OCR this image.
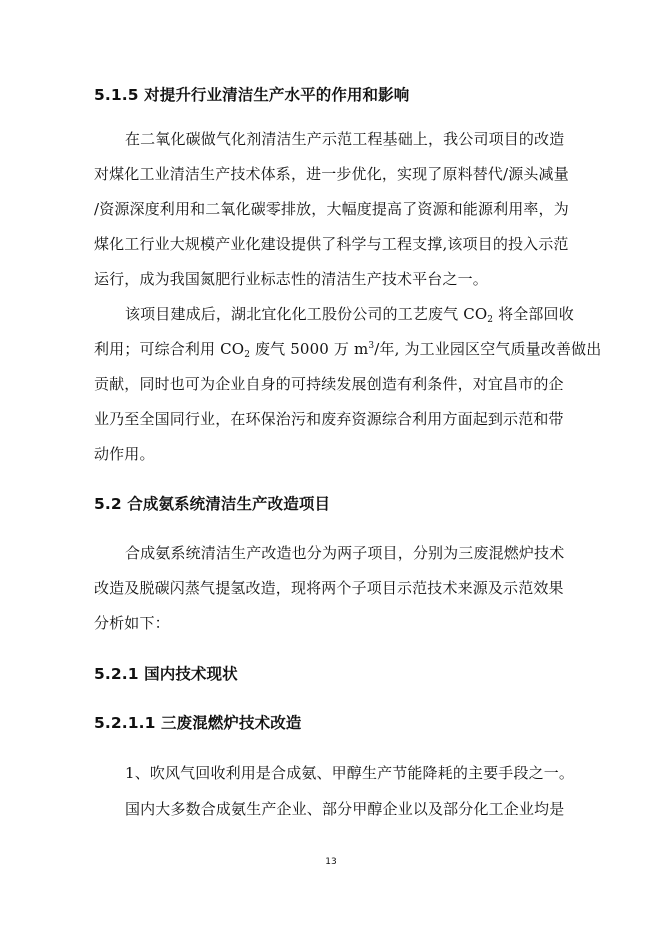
5.1.5 对提升行业清洁生产水平的作用和影响

在二氧化碳做气化剂清洁生产示范工程基础上，我公司项目的改造

对煤化工业清洁生产技术体系，进一步优化，实现了原料替代/源头减量

/资源深度利用和二氧化碳零排放，大幅度提高了资源和能源利用率，为

煤化工行业大规模产业化建设提供了科学与工程支撑,该项目的投入示范

运行，成为我国氮肥行业标志性的清洁生产技术平台之一。

该项目建成后，湖北宜化化工股份公司的工艺废气 $CO_2$ 将全部回收

利用；可综合利用 $CO_2$ 废气 5000 万 $m^3/$年, 为工业园区空气质量改善做出

贡献，同时也可为企业自身的可持续发展创造有利条件，对宜昌市的企

业乃至全国同行业，在环保治污和废弃资源综合利用方面起到示范和带

动作用。

5.2 合成氨系统清洁生产改造项目

合成氨系统清洁生产改造也分为两子项目，分别为三废混燃炉技术

改造及脱碳闪蒸气提氢改造，现将两个子项目示范技术来源及示范效果

分析如下：

5.2.1 国内技术现状
5.2.1.1 三废混燃炉技术改造

1、吹风气回收利用是合成氨、甲醇生产节能降耗的主要手段之一。

国内大多数合成氨生产企业、部分甲醇企业以及部分化工企业均是

13
